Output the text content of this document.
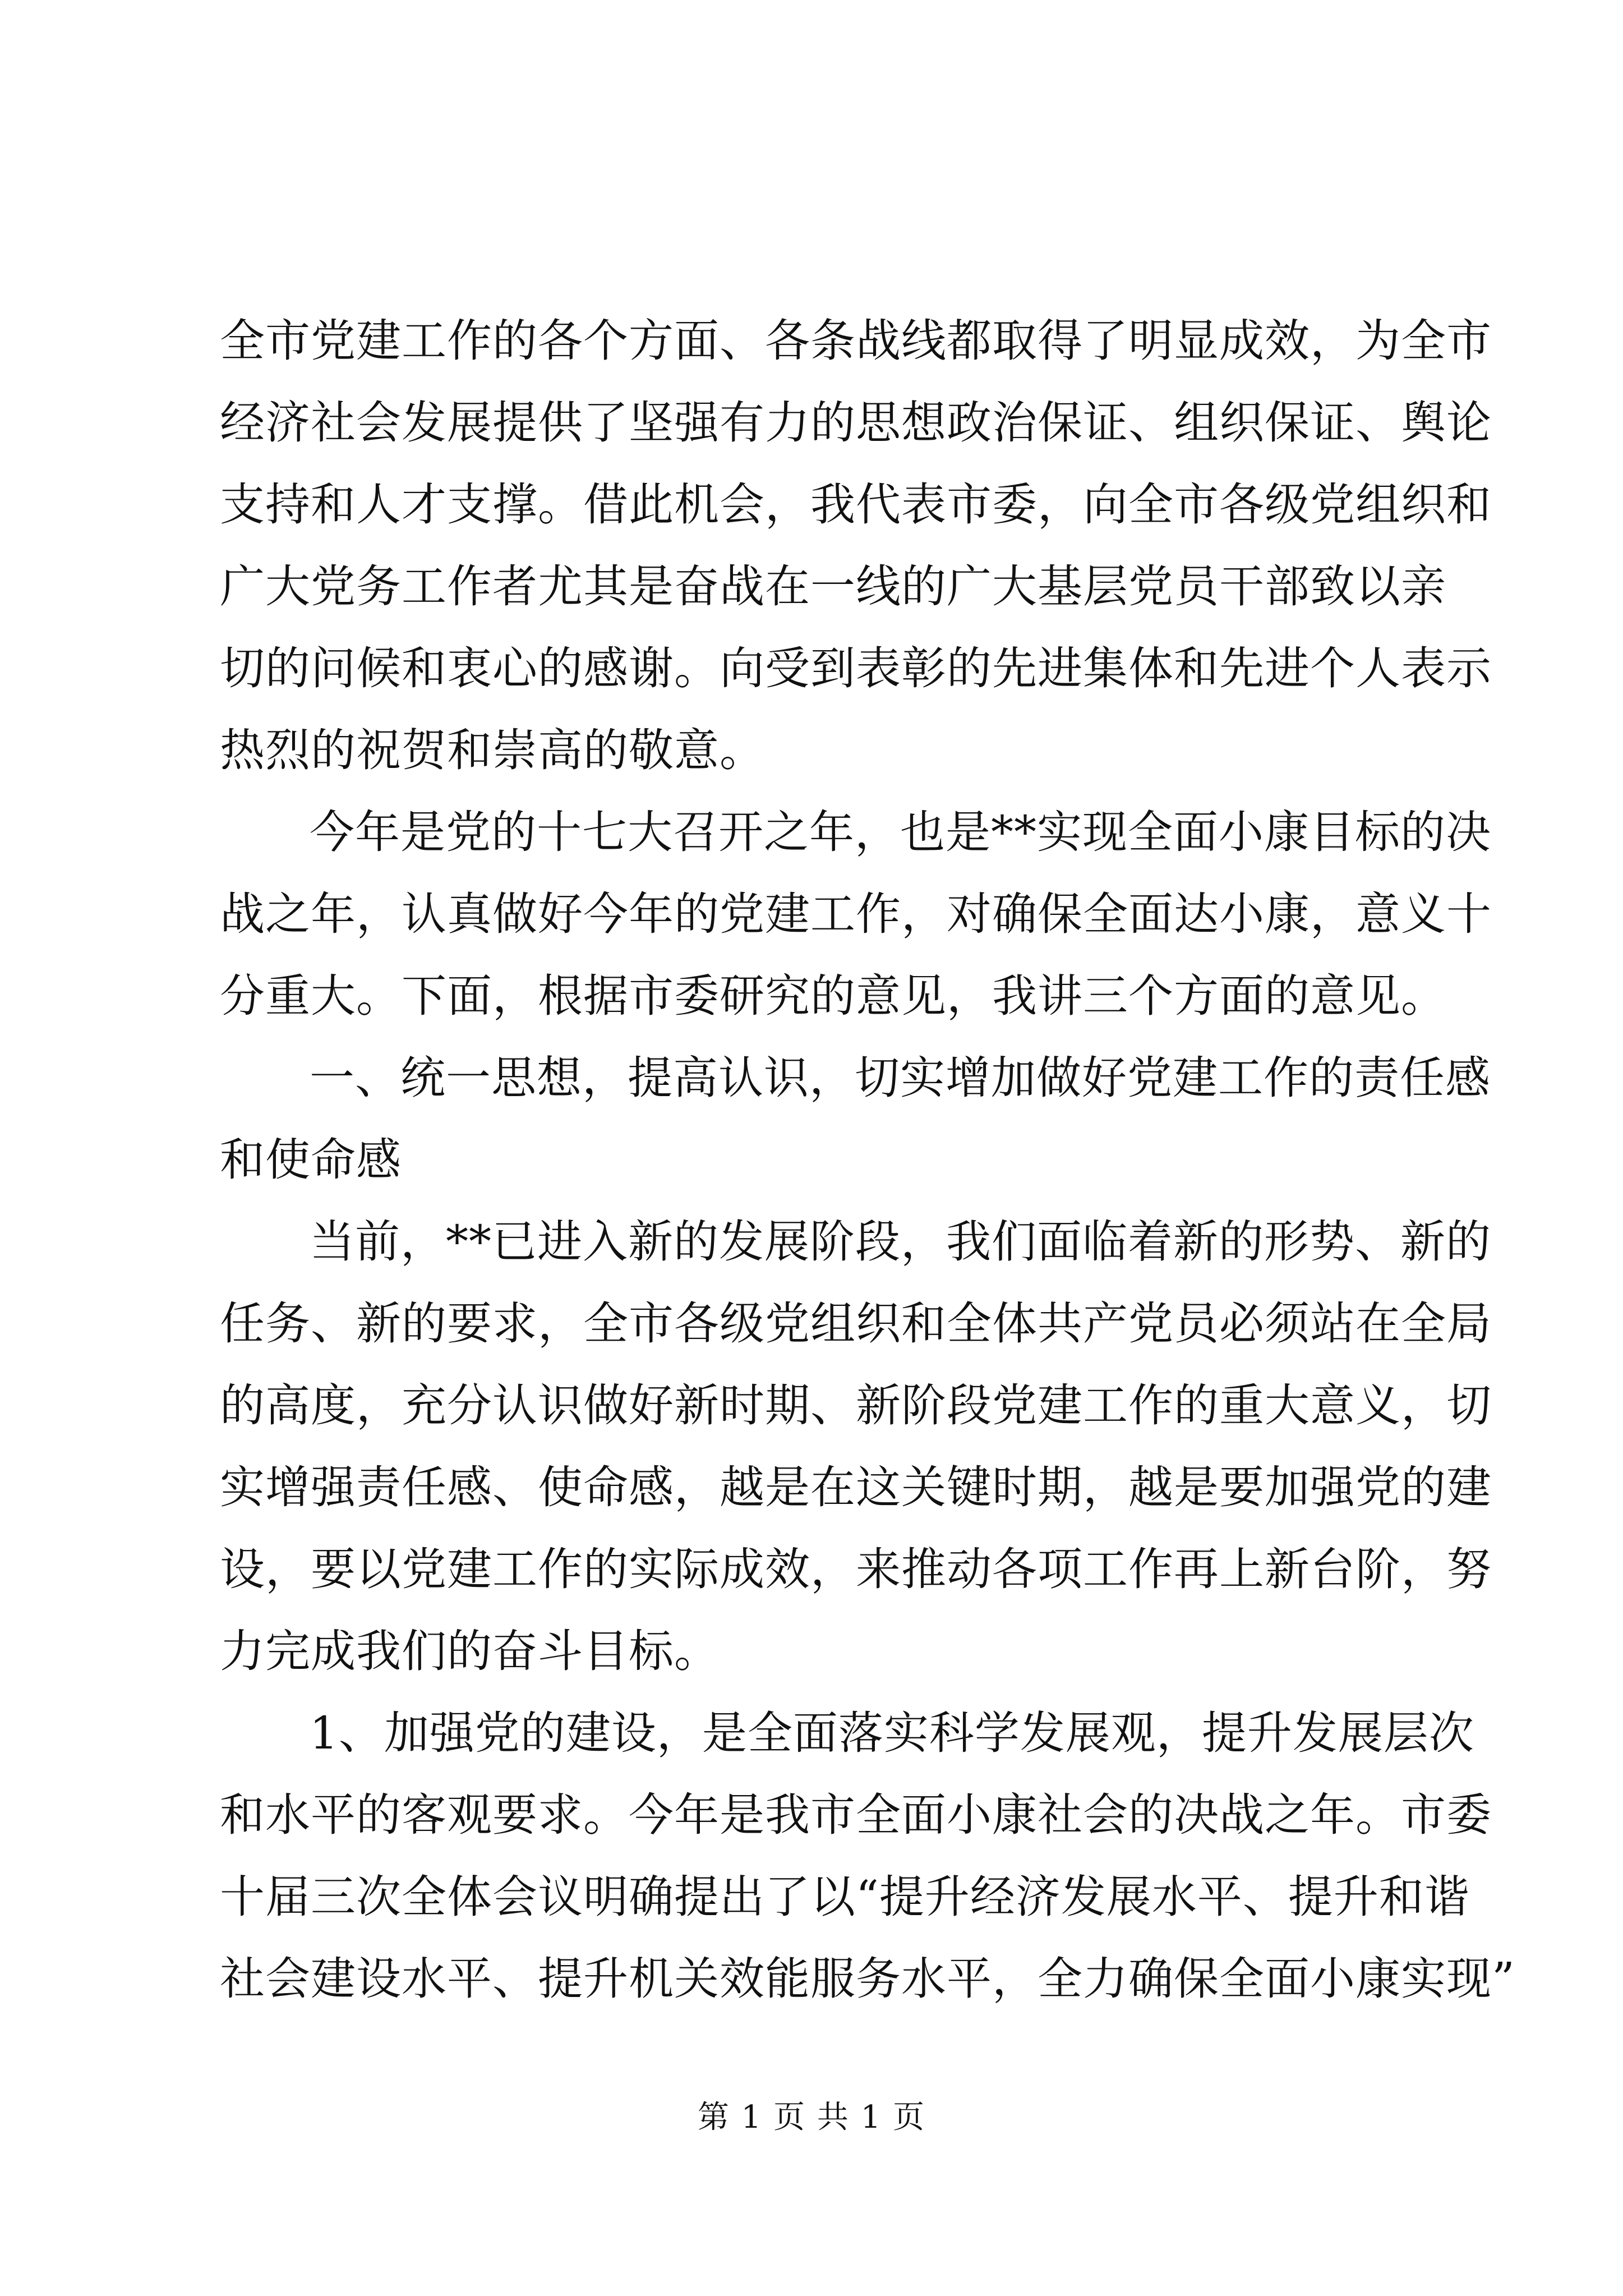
全市党建工作的各个方面、各条战线都取得了明显成效，为全市
经济社会发展提供了坚强有力的思想政治保证、组织保证、舆论
支持和人才支撑。借此机会，我代表市委，向全市各级党组织和
广大党务工作者尤其是奋战在一线的广大基层党员干部致以亲
切的问候和衷心的感谢。向受到表彰的先进集体和先进个人表示
热烈的祝贺和崇高的敬意。
今年是党的十七大召开之年，也是**实现全面小康目标的决
战之年，认真做好今年的党建工作，对确保全面达小康，意义十
分重大。下面，根据市委研究的意见，我讲三个方面的意见。
一、统一思想，提高认识，切实增加做好党建工作的责任感
和使命感
当前，**已进入新的发展阶段，我们面临着新的形势、新的
任务、新的要求，全市各级党组织和全体共产党员必须站在全局
的高度，充分认识做好新时期、新阶段党建工作的重大意义，切
实增强责任感、使命感，越是在这关键时期，越是要加强党的建
设，要以党建工作的实际成效，来推动各项工作再上新台阶，努
力完成我们的奋斗目标。
1、加强党的建设，是全面落实科学发展观，提升发展层次
和水平的客观要求。今年是我市全面小康社会的决战之年。市委
十届三次全体会议明确提出了以“提升经济发展水平、提升和谐
社会建设水平、提升机关效能服务水平，全力确保全面小康实现”
第 1 页 共 1 页
